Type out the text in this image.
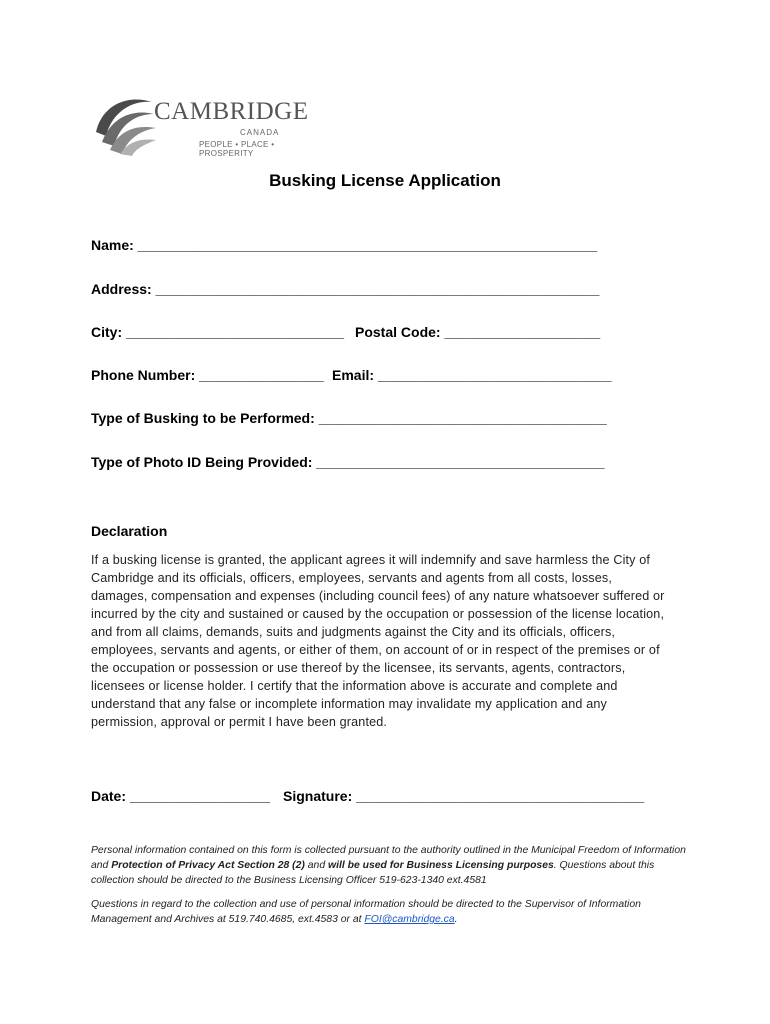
CAMBRIDGE
CANADA
PEOPLE • PLACE • PROSPERITY
Busking License Application
Name: ___________________________________________________________
Address: _________________________________________________________
City: ____________________________ Postal Code: ____________________
Phone Number: ________________ Email: ______________________________
Type of Busking to be Performed: _____________________________________
Type of Photo ID Being Provided: _____________________________________
Declaration
If a busking license is granted, the applicant agrees it will indemnify and save harmless the City of Cambridge and its officials, officers, employees, servants and agents from all costs, losses, damages, compensation and expenses (including council fees) of any nature whatsoever suffered or incurred by the city and sustained or caused by the occupation or possession of the license location, and from all claims, demands, suits and judgments against the City and its officials, officers, employees, servants and agents, or either of them, on account of or in respect of the premises or of the occupation or possession or use thereof by the licensee, its servants, agents, contractors, licensees or license holder. I certify that the information above is accurate and complete and understand that any false or incomplete information may invalidate my application and any permission, approval or permit I have been granted.
Date: __________________ Signature: _____________________________________
Personal information contained on this form is collected pursuant to the authority outlined in the Municipal Freedom of Information and Protection of Privacy Act Section 28 (2) and will be used for Business Licensing purposes. Questions about this collection should be directed to the Business Licensing Officer 519-623-1340 ext.4581
Questions in regard to the collection and use of personal information should be directed to the Supervisor of Information Management and Archives at 519.740.4685, ext.4583 or at FOI@cambridge.ca.
